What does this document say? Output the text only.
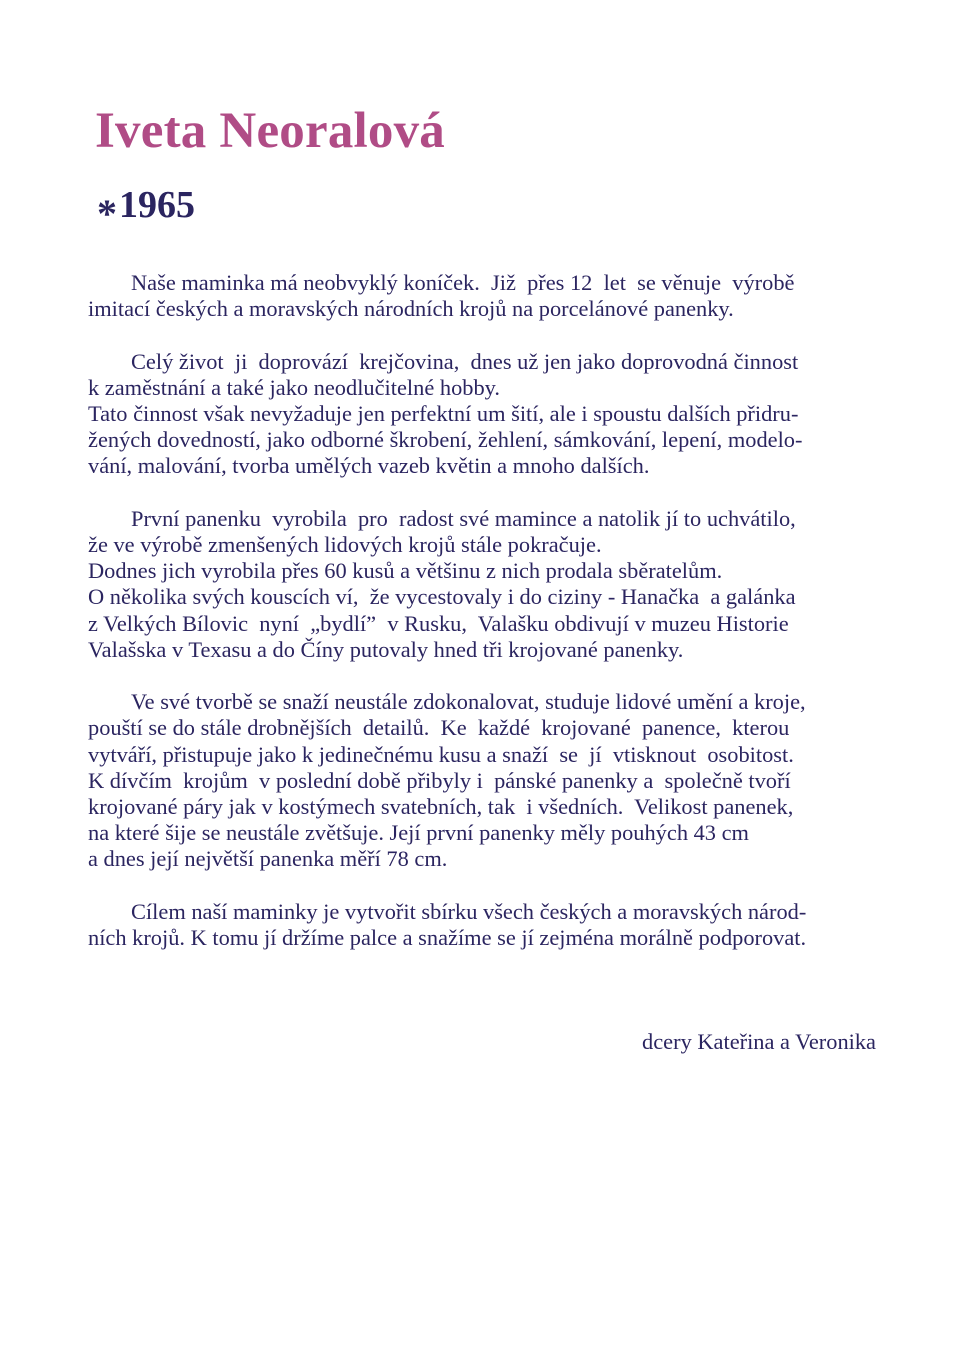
Iveta Neoralová
*1965
Naše maminka má neobvyklý koníček.  Již  přes 12  let  se věnuje  výrobě
imitací českých a moravských národních krojů na porcelánové panenky.
Celý život  ji  doprovází  krejčovina,  dnes už jen jako doprovodná činnost
k zaměstnání a také jako neodlučitelné hobby.
Tato činnost však nevyžaduje jen perfektní um šití, ale i spoustu dalších přidru-
žených dovedností, jako odborné škrobení, žehlení, sámkování, lepení, modelo-
vání, malování, tvorba umělých vazeb květin a mnoho dalších.
První panenku  vyrobila  pro  radost své mamince a natolik jí to uchvátilo,
že ve výrobě zmenšených lidových krojů stále pokračuje.
Dodnes jich vyrobila přes 60 kusů a většinu z nich prodala sběratelům.
O několika svých kouscích ví,  že vycestovaly i do ciziny - Hanačka  a galánka
z Velkých Bílovic  nyní  „bydlí”  v Rusku,  Valašku obdivují v muzeu Historie
Valašska v Texasu a do Číny putovaly hned tři krojované panenky.
Ve své tvorbě se snaží neustále zdokonalovat, studuje lidové umění a kroje,
pouští se do stále drobnějších  detailů.  Ke  každé  krojované  panence,  kterou
vytváří, přistupuje jako k jedinečnému kusu a snaží  se  jí  vtisknout  osobitost.
K dívčím  krojům  v poslední době přibyly i  pánské panenky a  společně tvoří
krojované páry jak v kostýmech svatebních, tak  i všedních.  Velikost panenek,
na které šije se neustále zvětšuje. Její první panenky měly pouhých 43 cm
a dnes její největší panenka měří 78 cm.
Cílem naší maminky je vytvořit sbírku všech českých a moravských národ-
ních krojů. K tomu jí držíme palce a snažíme se jí zejména morálně podporovat.
dcery Kateřina a Veronika
